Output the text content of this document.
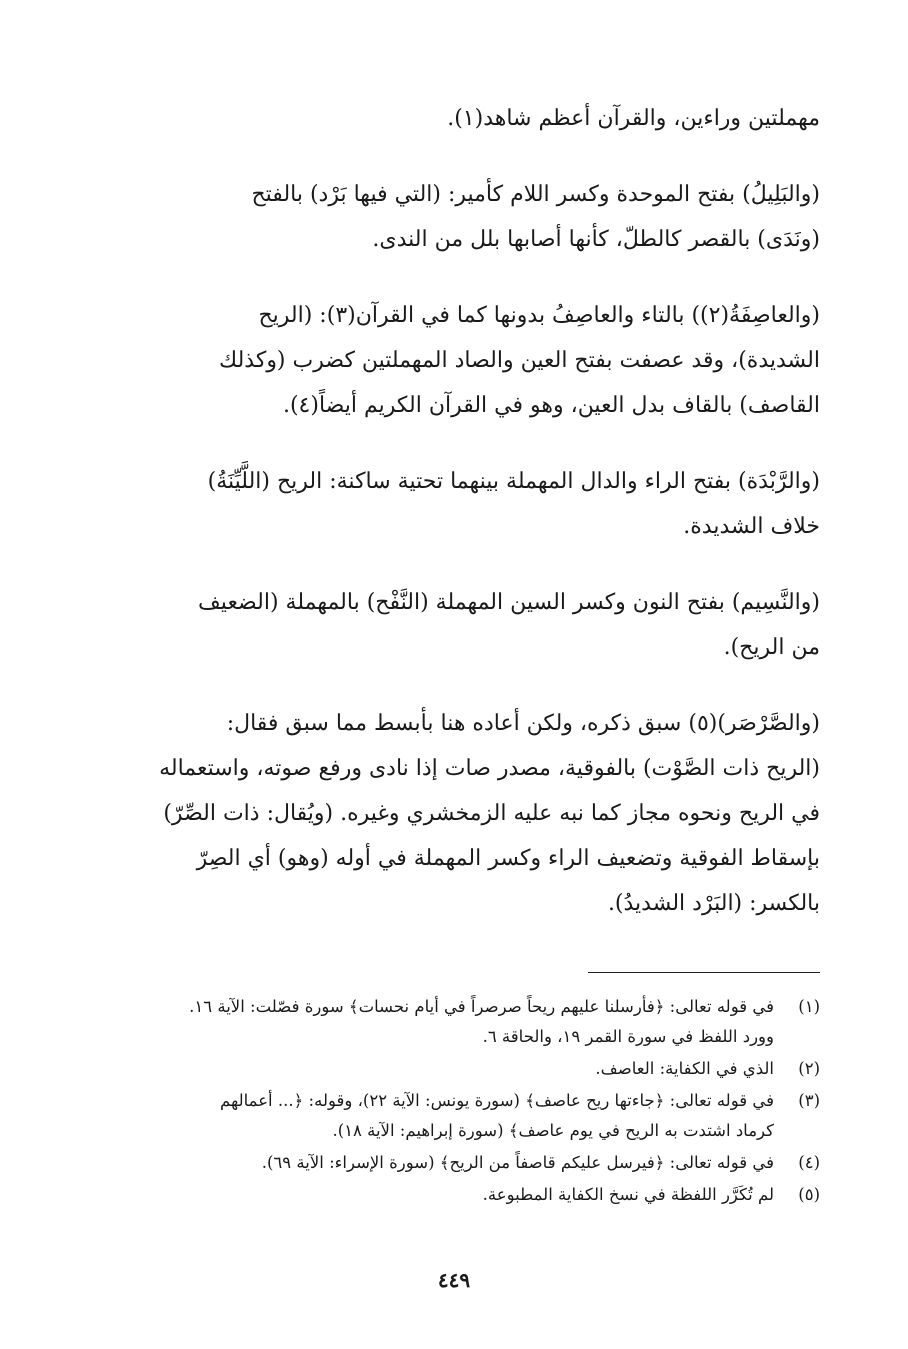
مهملتين وراءين، والقرآن أعظم شاهد(١).

(والبَلِيلُ) بفتح الموحدة وكسر اللام كأمير: (التي فيها بَرْد) بالفتح
(ونَدَى) بالقصر كالطلّ، كأنها أصابها بلل من الندى.

(والعاصِفَةُ(٢)) بالتاء والعاصِفُ بدونها كما في القرآن(٣): (الريح
الشديدة)، وقد عصفت بفتح العين والصاد المهملتين كضرب (وكذلك
القاصف) بالقاف بدل العين، وهو في القرآن الكريم أيضاً(٤).

(والرَّبْدَة) بفتح الراء والدال المهملة بينهما تحتية ساكنة: الريح (اللَّيِّنَةُ)
خلاف الشديدة.

(والنَّسِيم) بفتح النون وكسر السين المهملة (النَّفْح) بالمهملة (الضعيف
من الريح).

(والصَّرْصَر)(٥) سبق ذكره، ولكن أعاده هنا بأبسط مما سبق فقال:
(الريح ذات الصَّوْت) بالفوقية، مصدر صات إذا نادى ورفع صوته، واستعماله
في الريح ونحوه مجاز كما نبه عليه الزمخشري وغيره. (ويُقال: ذات الصِّرّ)
بإسقاط الفوقية وتضعيف الراء وكسر المهملة في أوله (وهو) أي الصِرّ
بالكسر: (البَرْد الشديدُ).

(١)
في قوله تعالى: ﴿فأرسلنا عليهم ريحاً صرصراً في أيام نحسات﴾ سورة فصّلت: الآية ١٦.
وورد اللفظ في سورة القمر ١٩، والحاقة ٦.
(٢)
الذي في الكفاية: العاصف.
(٣)
في قوله تعالى: ﴿جاءتها ريح عاصف﴾ (سورة يونس: الآية ٢٢)، وقوله: ﴿... أعمالهم
كرماد اشتدت به الريح في يوم عاصف﴾ (سورة إبراهيم: الآية ١٨).
(٤)
في قوله تعالى: ﴿فيرسل عليكم قاصفاً من الريح﴾ (سورة الإسراء: الآية ٦٩).
(٥)
لم تُكَرَّر اللفظة في نسخ الكفاية المطبوعة.
٤٤٩
